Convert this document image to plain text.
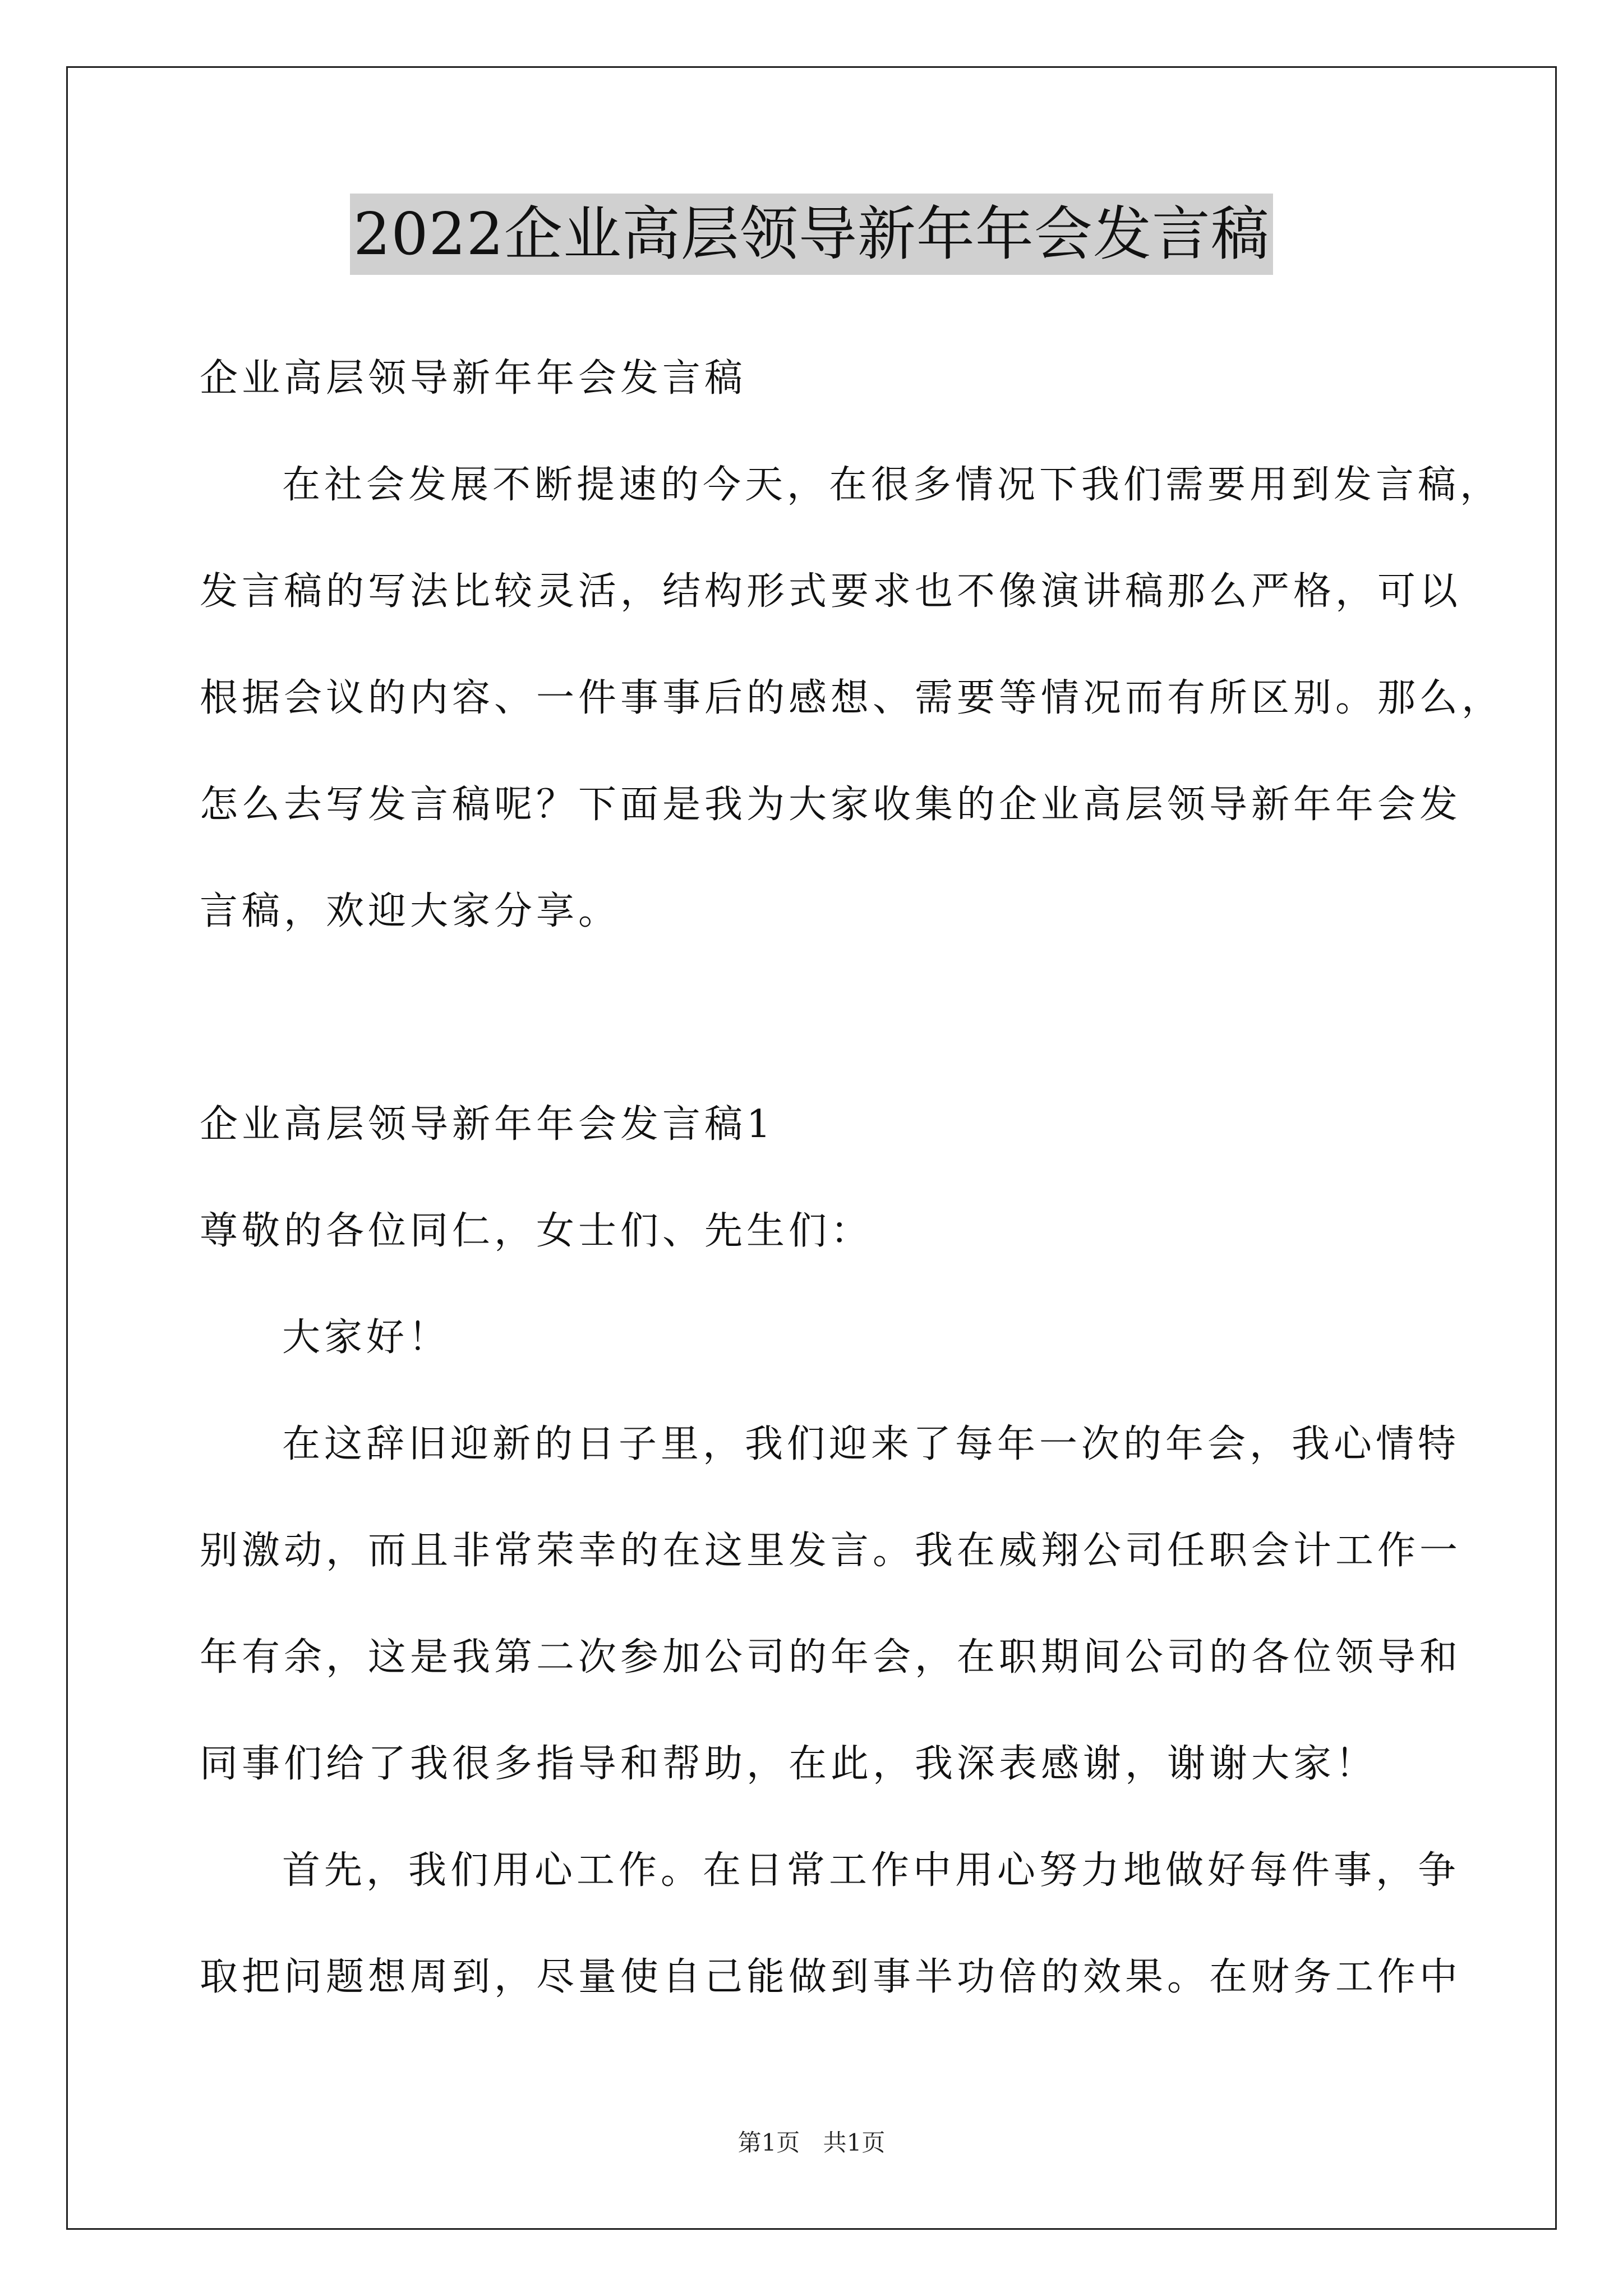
2022企业高层领导新年年会发言稿
企业高层领导新年年会发言稿
在社会发展不断提速的今天，在很多情况下我们需要用到发言稿，
发言稿的写法比较灵活，结构形式要求也不像演讲稿那么严格，可以
根据会议的内容、一件事事后的感想、需要等情况而有所区别。那么，
怎么去写发言稿呢？下面是我为大家收集的企业高层领导新年年会发
言稿，欢迎大家分享。
企业高层领导新年年会发言稿1
尊敬的各位同仁，女士们、先生们：
大家好！
在这辞旧迎新的日子里，我们迎来了每年一次的年会，我心情特
别激动，而且非常荣幸的在这里发言。我在威翔公司任职会计工作一
年有余，这是我第二次参加公司的年会，在职期间公司的各位领导和
同事们给了我很多指导和帮助，在此，我深表感谢，谢谢大家！
首先，我们用心工作。在日常工作中用心努力地做好每件事，争
取把问题想周到，尽量使自己能做到事半功倍的效果。在财务工作中
第1页 共1页
